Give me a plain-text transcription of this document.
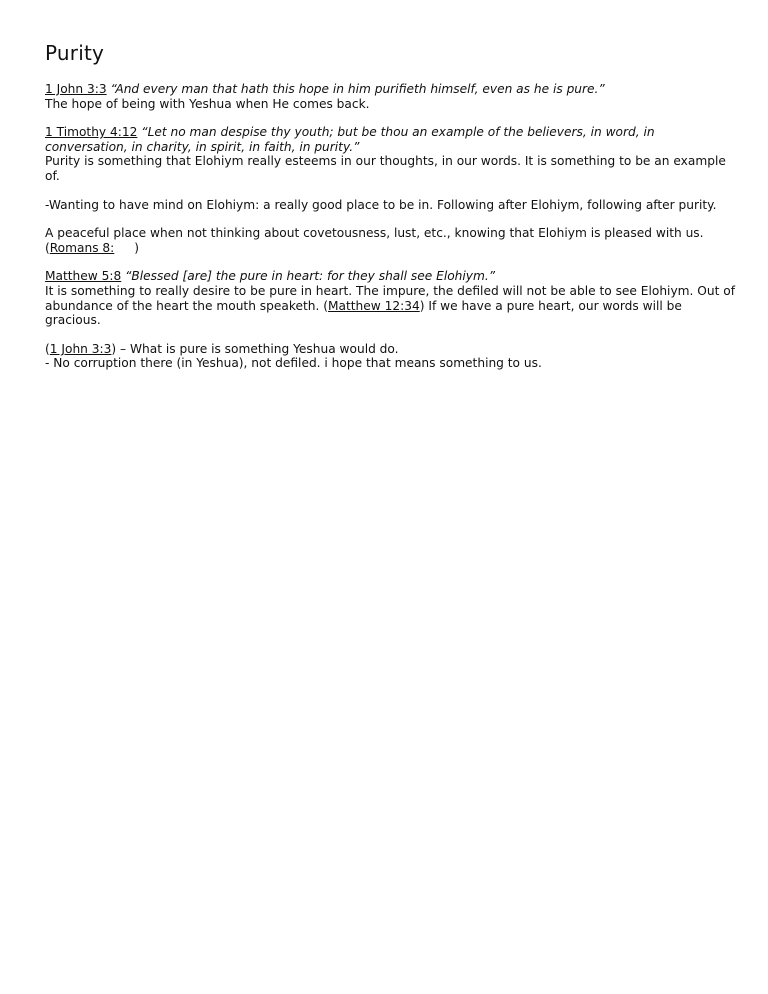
Purity

1 John 3:3 “And every man that hath this hope in him purifieth himself, even as he is pure.”

The hope of being with Yeshua when He comes back.

1 Timothy 4:12 “Let no man despise thy youth; but be thou an example of the believers, in word, in conversation, in charity, in spirit, in faith, in purity.”

Purity is something that Elohiym really esteems in our thoughts, in our words. It is something to be an example of.

-Wanting to have mind on Elohiym: a really good place to be in. Following after Elohiym, following after purity.

A peaceful place when not thinking about covetousness, lust, etc., knowing that Elohiym is pleased with us. (Romans 8: )

Matthew 5:8 “Blessed [are] the pure in heart: for they shall see Elohiym.”

It is something to really desire to be pure in heart. The impure, the defiled will not be able to see Elohiym. Out of abundance of the heart the mouth speaketh. (Matthew 12:34) If we have a pure heart, our words will be gracious.

(1 John 3:3) – What is pure is something Yeshua would do.

- No corruption there (in Yeshua), not defiled. i hope that means something to us.
